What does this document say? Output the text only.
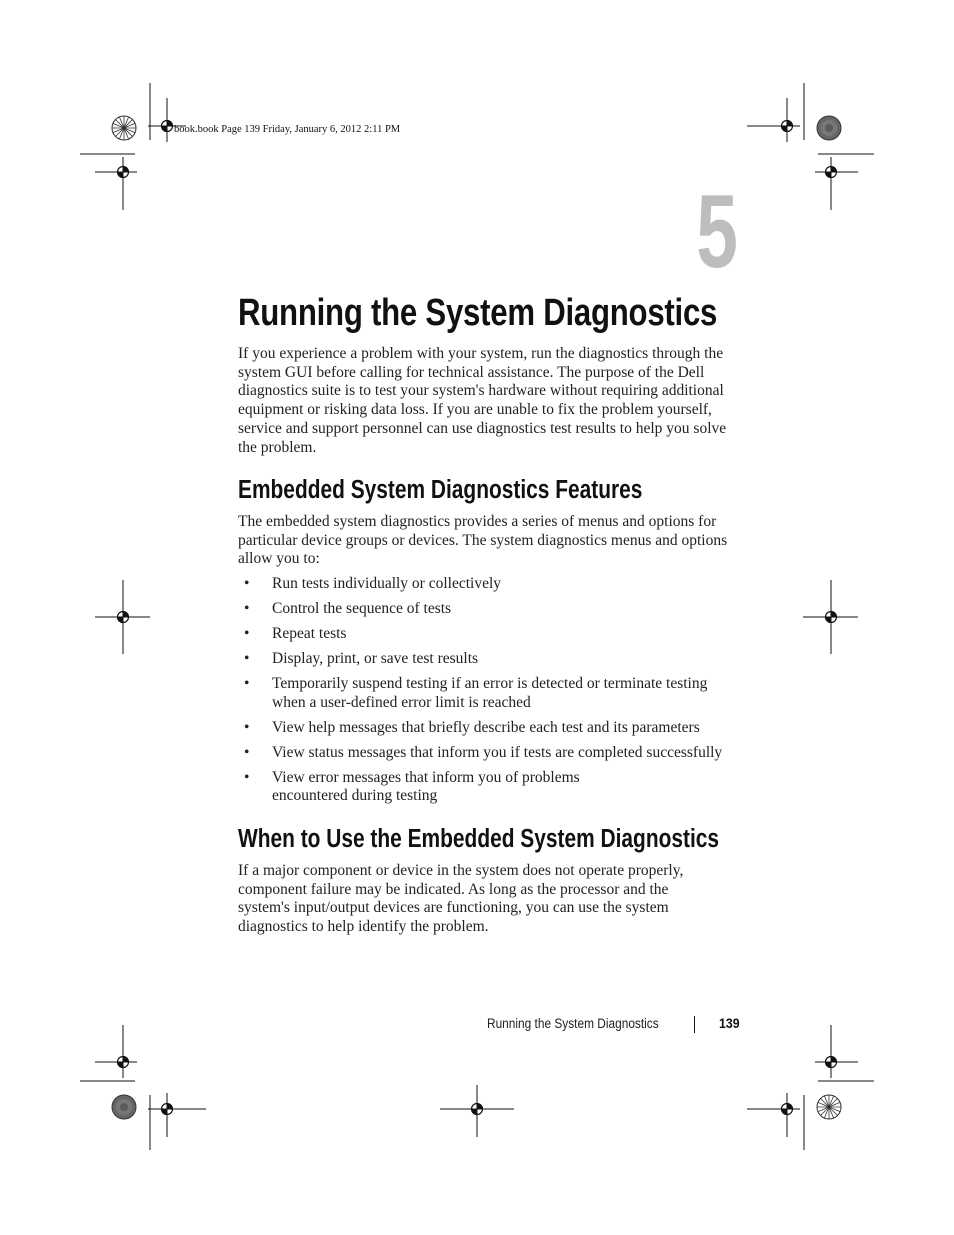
book.book Page 139 Friday, January 6, 2012 2:11 PM
5
Running the System Diagnostics

If you experience a problem with your system, run the diagnostics through the system GUI before calling for technical assistance. The purpose of the Dell diagnostics suite is to test your system's hardware without requiring additional equipment or risking data loss. If you are unable to fix the problem yourself, service and support personnel can use diagnostics test results to help you solve the problem.

Embedded System Diagnostics Features

The embedded system diagnostics provides a series of menus and options for particular device groups or devices. The system diagnostics menus and options allow you to:

• Run tests individually or collectively
• Control the sequence of tests
• Repeat tests
• Display, print, or save test results
• Temporarily suspend testing if an error is detected or terminate testing when a user-defined error limit is reached
• View help messages that briefly describe each test and its parameters
• View status messages that inform you if tests are completed successfully
• View error messages that inform you of problems encountered during testing
When to Use the Embedded System Diagnostics

If a major component or device in the system does not operate properly, component failure may be indicated. As long as the processor and the system's input/output devices are functioning, you can use the system diagnostics to help identify the problem.

Running the System Diagnostics	139
